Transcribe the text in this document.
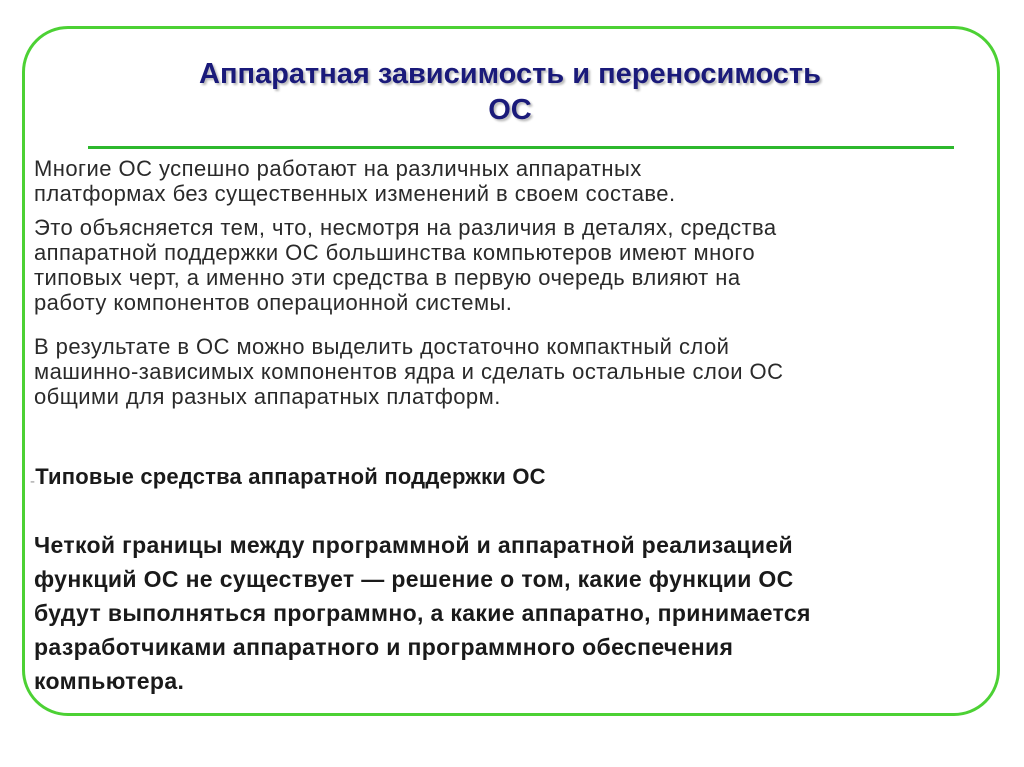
Аппаратная зависимость и переносимость
ОС

Многие ОС успешно работают на различных аппаратных
платформах без существенных изменений в своем составе.

Это объясняется тем, что, несмотря на различия в деталях, средства
аппаратной поддержки ОС большинства компьютеров имеют много
типовых черт, а именно эти средства в первую очередь влияют на
работу компонентов операционной системы.

В результате в ОС можно выделить достаточно компактный слой
машинно-зависимых компонентов ядра и сделать остальные слои ОС
общими для разных аппаратных платформ.

-Типовые средства аппаратной поддержки ОС

Четкой границы между программной и аппаратной реализацией
функций ОС не существует — решение о том, какие функции ОС
будут выполняться программно, а какие аппаратно, принимается
разработчиками аппаратного и программного обеспечения
компьютера.
